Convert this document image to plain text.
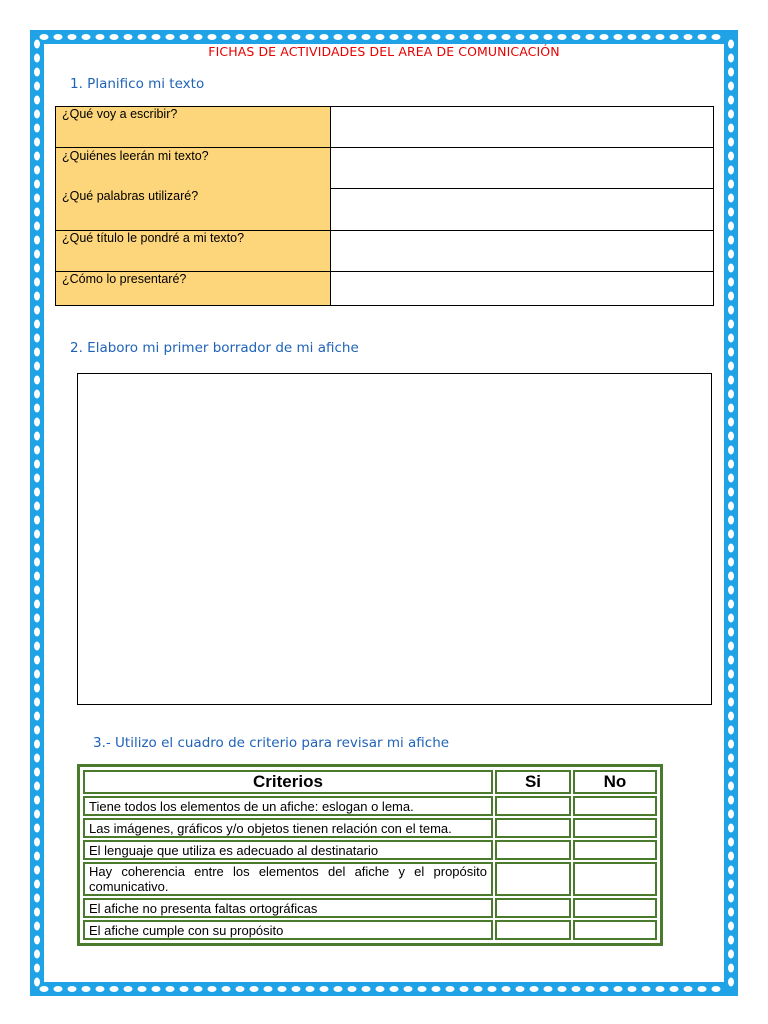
FICHAS DE ACTIVIDADES DEL AREA DE COMUNICACIÓN
1. Planifico mi texto
¿Qué voy a escribir?
¿Quiénes leerán mi texto?
¿Qué palabras utilizaré?
¿Qué título le pondré a mi texto?
¿Cómo lo presentaré?
2. Elaboro mi primer borrador de mi afiche
3.- Utilizo el cuadro de criterio para revisar mi afiche
Criterios	Si	No
Tiene todos los elementos de un afiche: eslogan o lema.		
Las imágenes, gráficos y/o objetos tienen relación con el tema.		
El lenguaje que utiliza es adecuado al destinatario		
Hay coherencia entre los elementos del afiche y el propósito comunicativo.		
El afiche no presenta faltas ortográficas		
El afiche cumple con su propósito		
